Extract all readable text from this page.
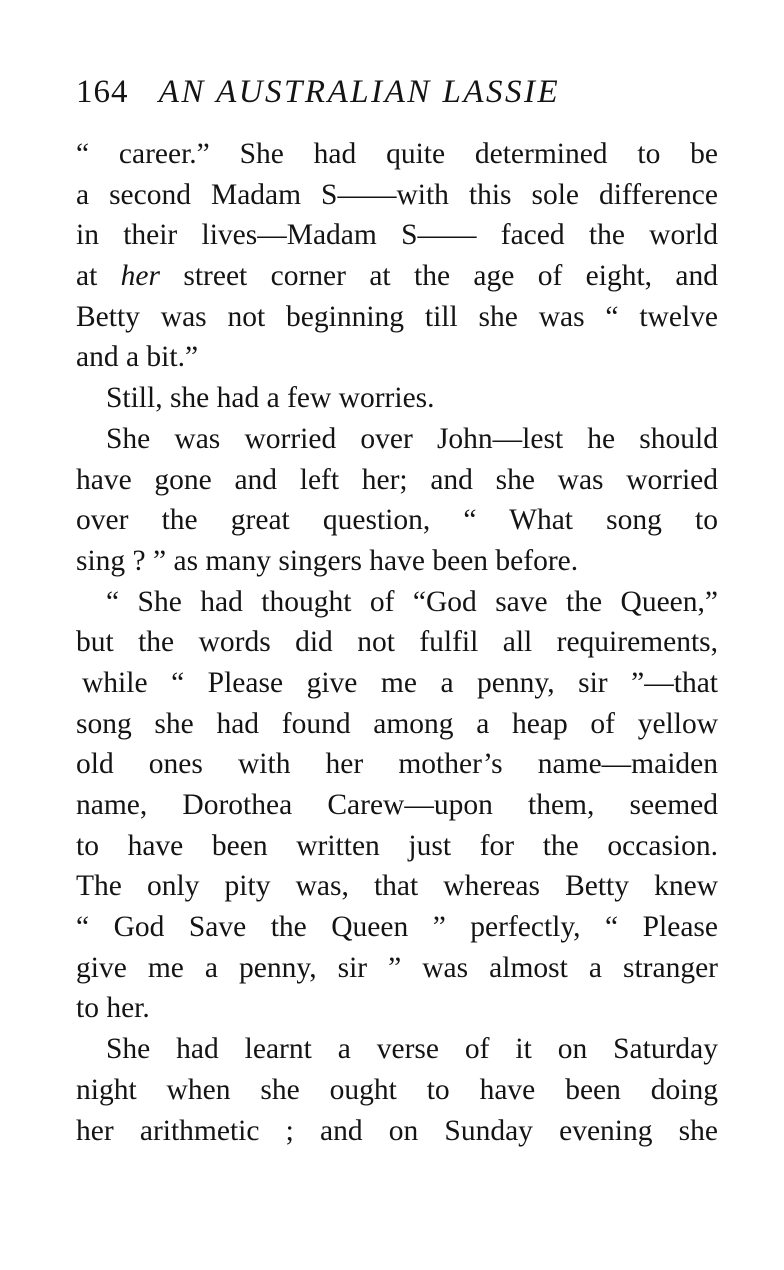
164 AN AUSTRALIAN LASSIE
“ career.” She had quite determined to be
a second Madam S——with this sole difference
in their lives—Madam S—— faced the world
at her street corner at the age of eight, and
Betty was not beginning till she was “ twelve
and a bit.”
Still, she had a few worries.
She was worried over John—lest he should
have gone and left her; and she was worried
over the great question, “ What song to
sing ? ” as many singers have been before.
“ She had thought of “God save the Queen,”
but the words did not fulfil all requirements,
while “ Please give me a penny, sir ”—that
song she had found among a heap of yellow
old ones with her mother’s name—maiden
name, Dorothea Carew—upon them, seemed
to have been written just for the occasion.
The only pity was, that whereas Betty knew
“ God Save the Queen ” perfectly, “ Please
give me a penny, sir ” was almost a stranger
to her.
She had learnt a verse of it on Saturday
night when she ought to have been doing
her arithmetic ; and on Sunday evening she
